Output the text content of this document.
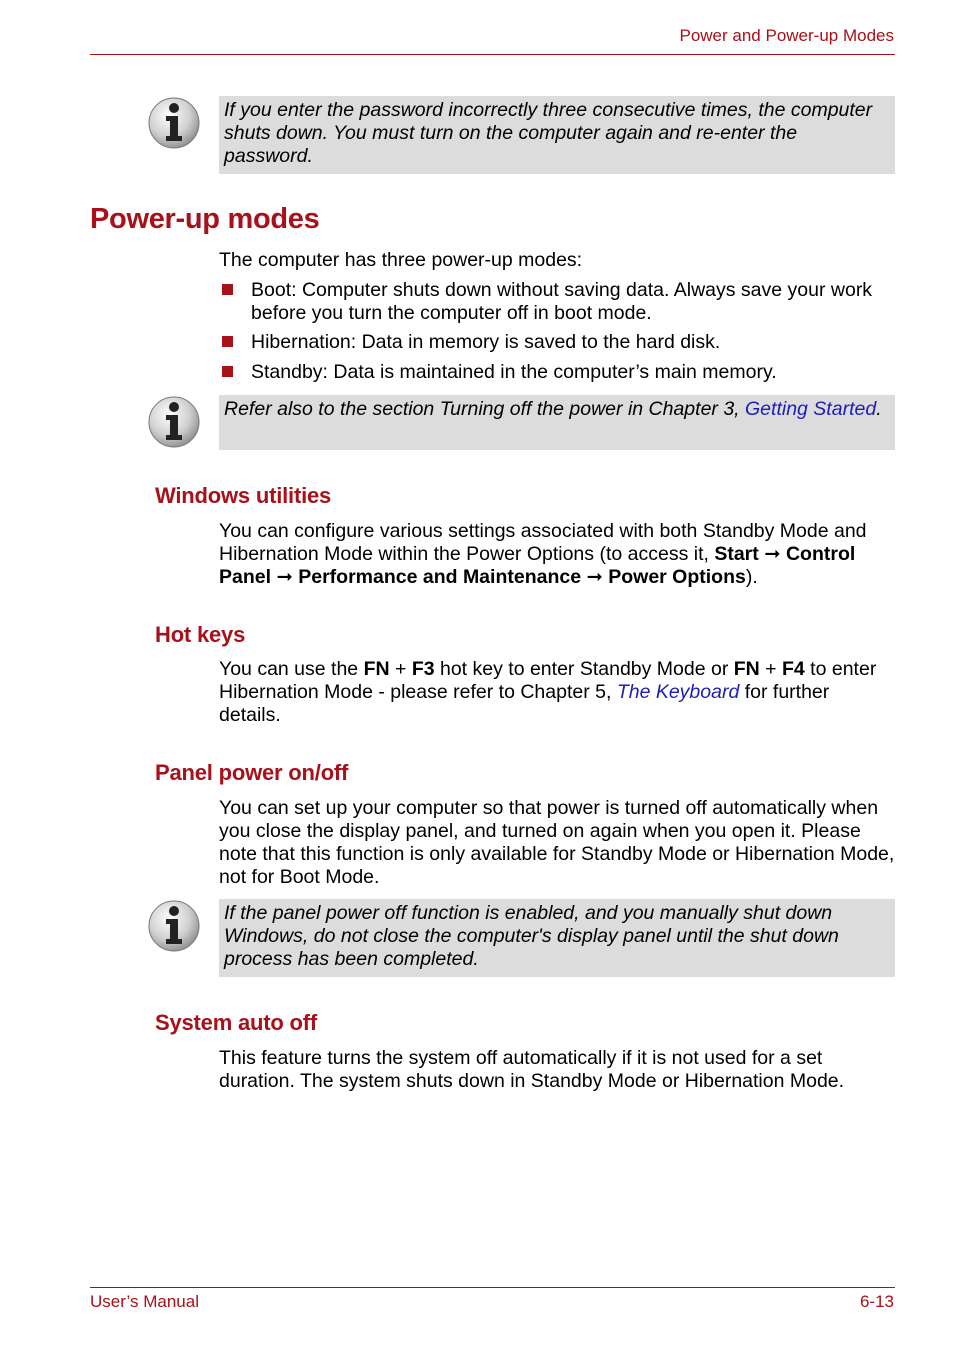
Power and Power-up Modes
If you enter the password incorrectly three consecutive times, the computer shuts down. You must turn on the computer again and re-enter the password.
Power-up modes
The computer has three power-up modes:
Boot: Computer shuts down without saving data. Always save your work before you turn the computer off in boot mode.
Hibernation: Data in memory is saved to the hard disk.
Standby: Data is maintained in the computer’s main memory.
Refer also to the section Turning off the power in Chapter 3, Getting Started.
Windows utilities
You can configure various settings associated with both Standby Mode and Hibernation Mode within the Power Options (to access it, Start ➞ Control Panel ➞ Performance and Maintenance ➞ Power Options).
Hot keys
You can use the FN + F3 hot key to enter Standby Mode or FN + F4 to enter Hibernation Mode - please refer to Chapter 5, The Keyboard for further details.
Panel power on/off
You can set up your computer so that power is turned off automatically when you close the display panel, and turned on again when you open it. Please note that this function is only available for Standby Mode or Hibernation Mode, not for Boot Mode.
If the panel power off function is enabled, and you manually shut down Windows, do not close the computer's display panel until the shut down process has been completed.
System auto off
This feature turns the system off automatically if it is not used for a set duration. The system shuts down in Standby Mode or Hibernation Mode.
User’s Manual	6-13
